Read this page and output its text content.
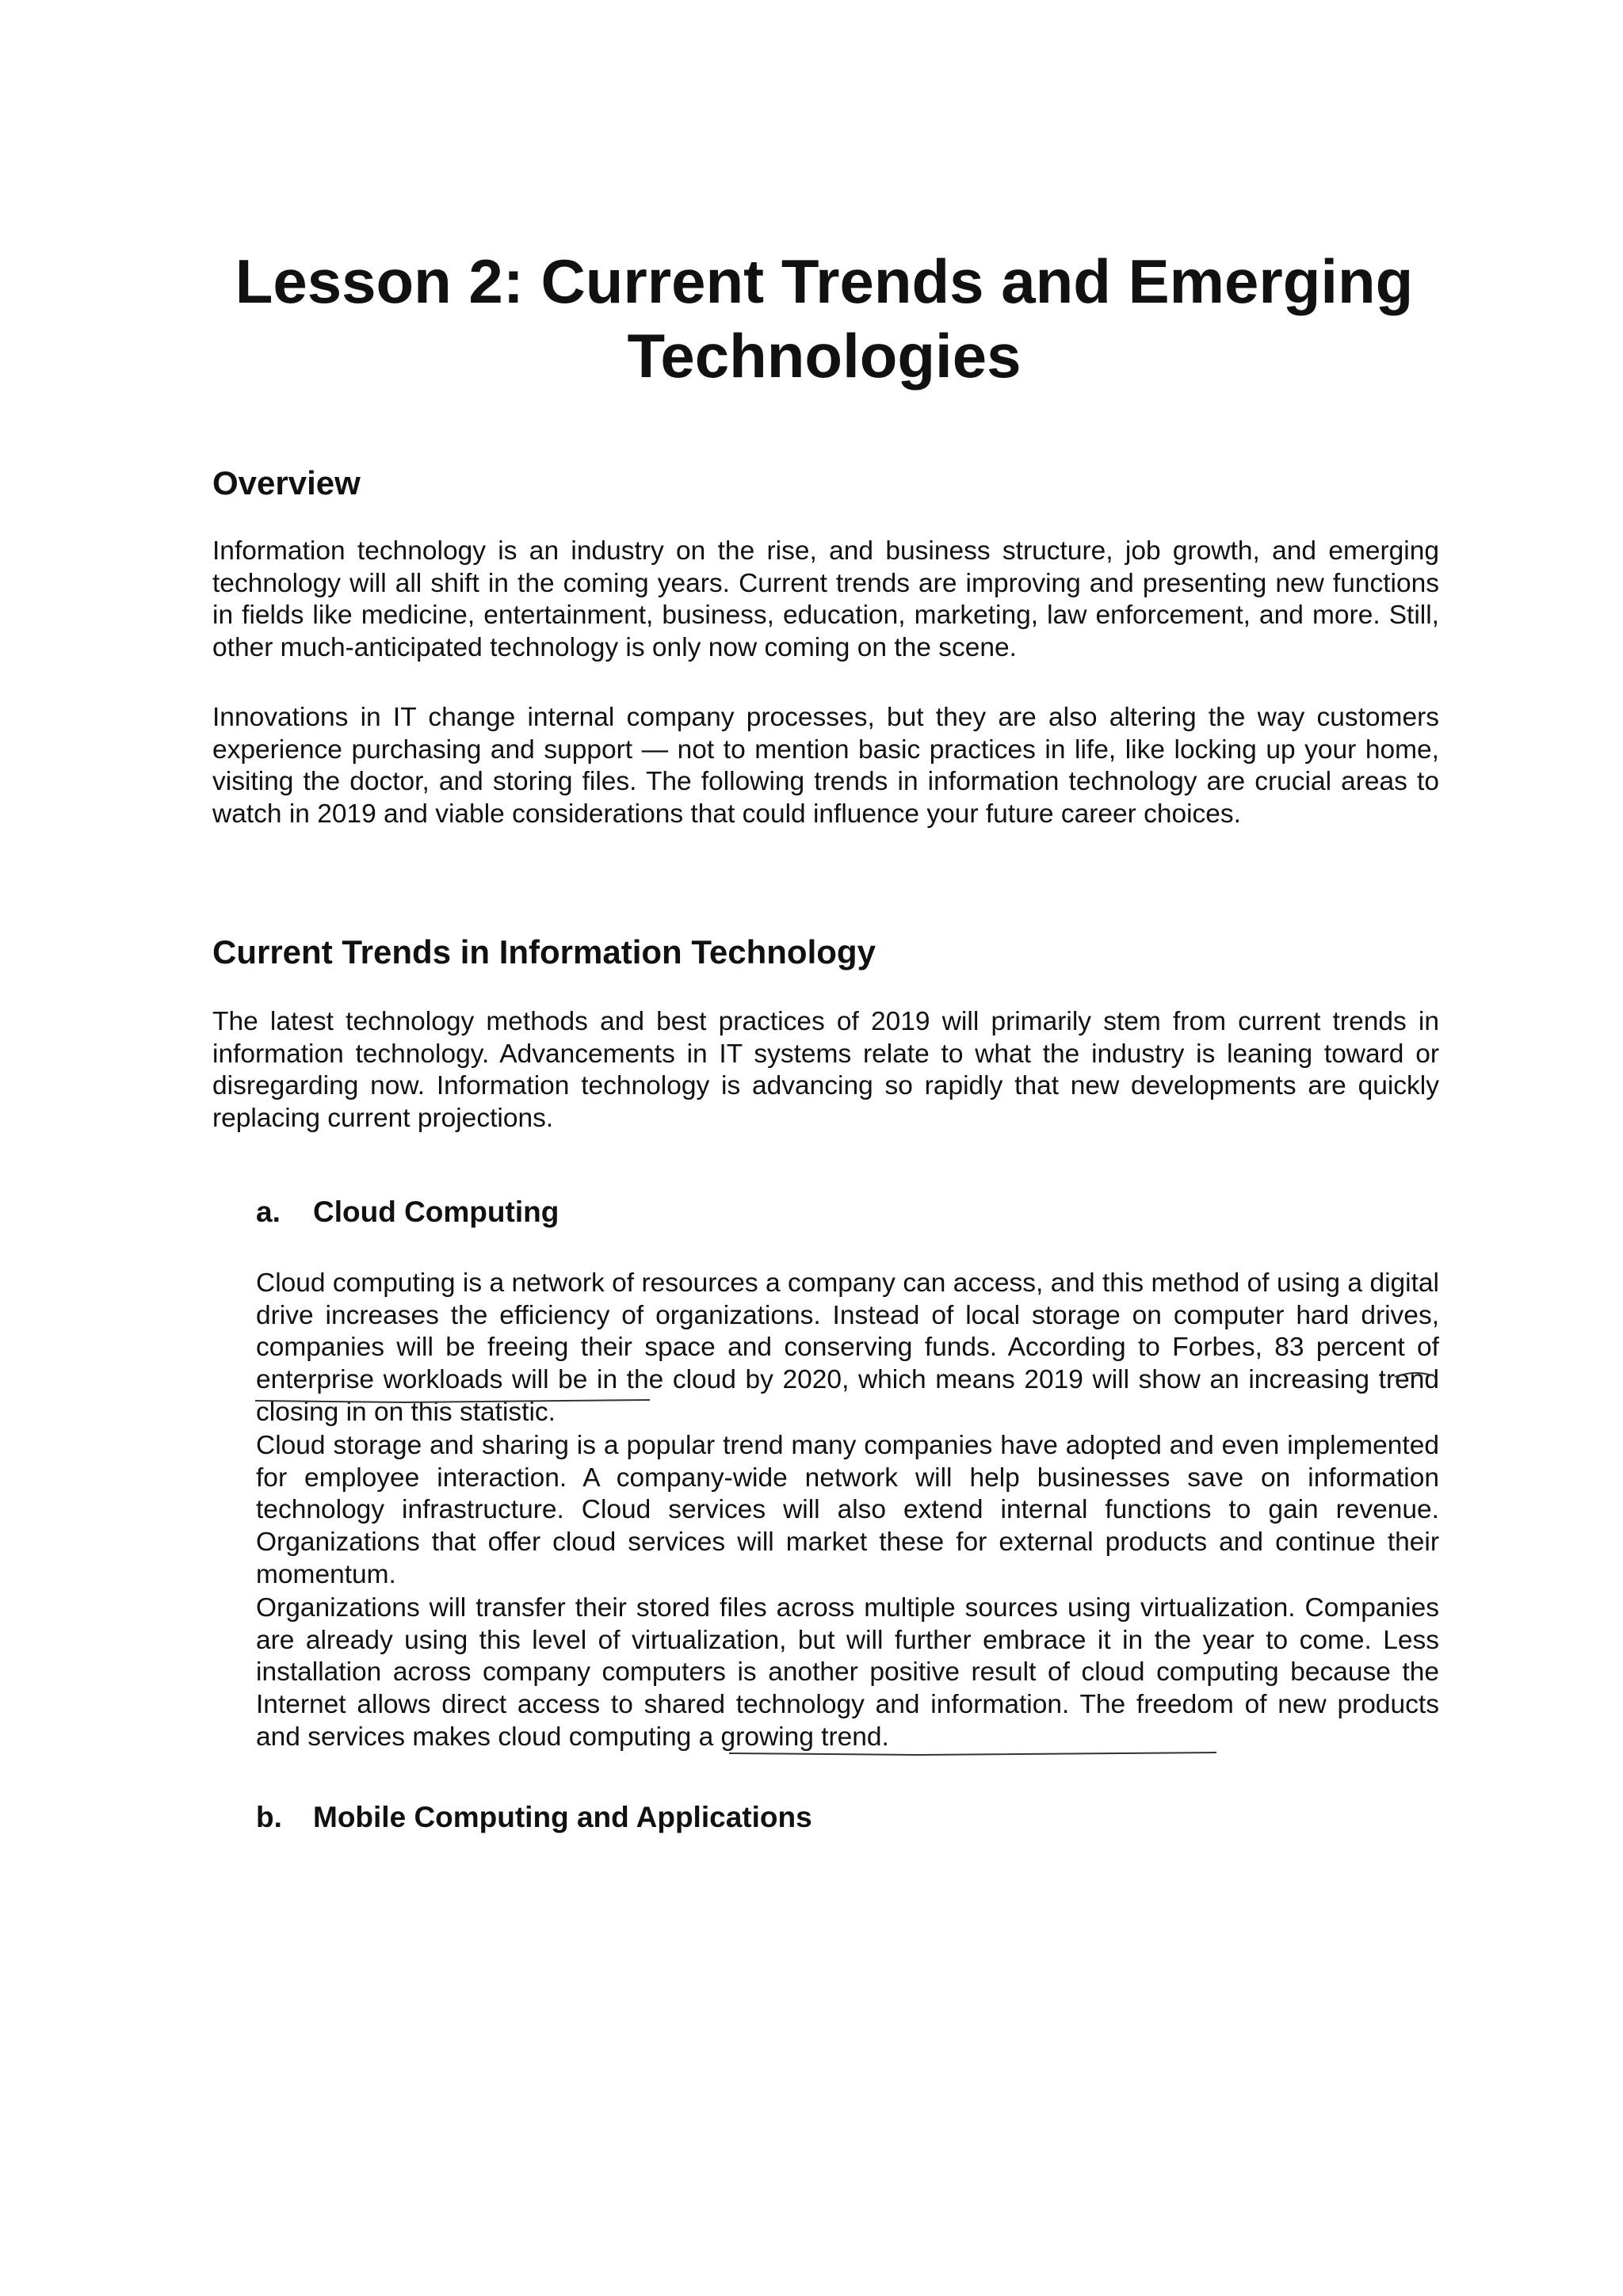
Lesson 2: Current Trends and Emerging Technologies
Overview

Information technology is an industry on the rise, and business structure, job growth, and emerging technology will all shift in the coming years. Current trends are improving and presenting new functions in fields like medicine, entertainment, business, education, marketing, law enforcement, and more. Still, other much-anticipated technology is only now coming on the scene.

Innovations in IT change internal company processes, but they are also altering the way customers experience purchasing and support — not to mention basic practices in life, like locking up your home, visiting the doctor, and storing files. The following trends in information technology are crucial areas to watch in 2019 and viable considerations that could influence your future career choices.

Current Trends in Information Technology

The latest technology methods and best practices of 2019 will primarily stem from current trends in information technology. Advancements in IT systems relate to what the industry is leaning toward or disregarding now. Information technology is advancing so rapidly that new developments are quickly replacing current projections.

a. Cloud Computing

Cloud computing is a network of resources a company can access, and this method of using a digital drive increases the efficiency of organizations. Instead of local storage on computer hard drives, companies will be freeing their space and conserving funds. According to Forbes, 83 percent of enterprise workloads will be in the cloud by 2020, which means 2019 will show an increasing trend closing in on this statistic.

Cloud storage and sharing is a popular trend many companies have adopted and even implemented for employee interaction. A company-wide network will help businesses save on information technology infrastructure. Cloud services will also extend internal functions to gain revenue. Organizations that offer cloud services will market these for external products and continue their momentum.

Organizations will transfer their stored files across multiple sources using virtualization. Companies are already using this level of virtualization, but will further embrace it in the year to come. Less installation across company computers is another positive result of cloud computing because the Internet allows direct access to shared technology and information. The freedom of new products and services makes cloud computing a growing trend.

b. Mobile Computing and Applications
